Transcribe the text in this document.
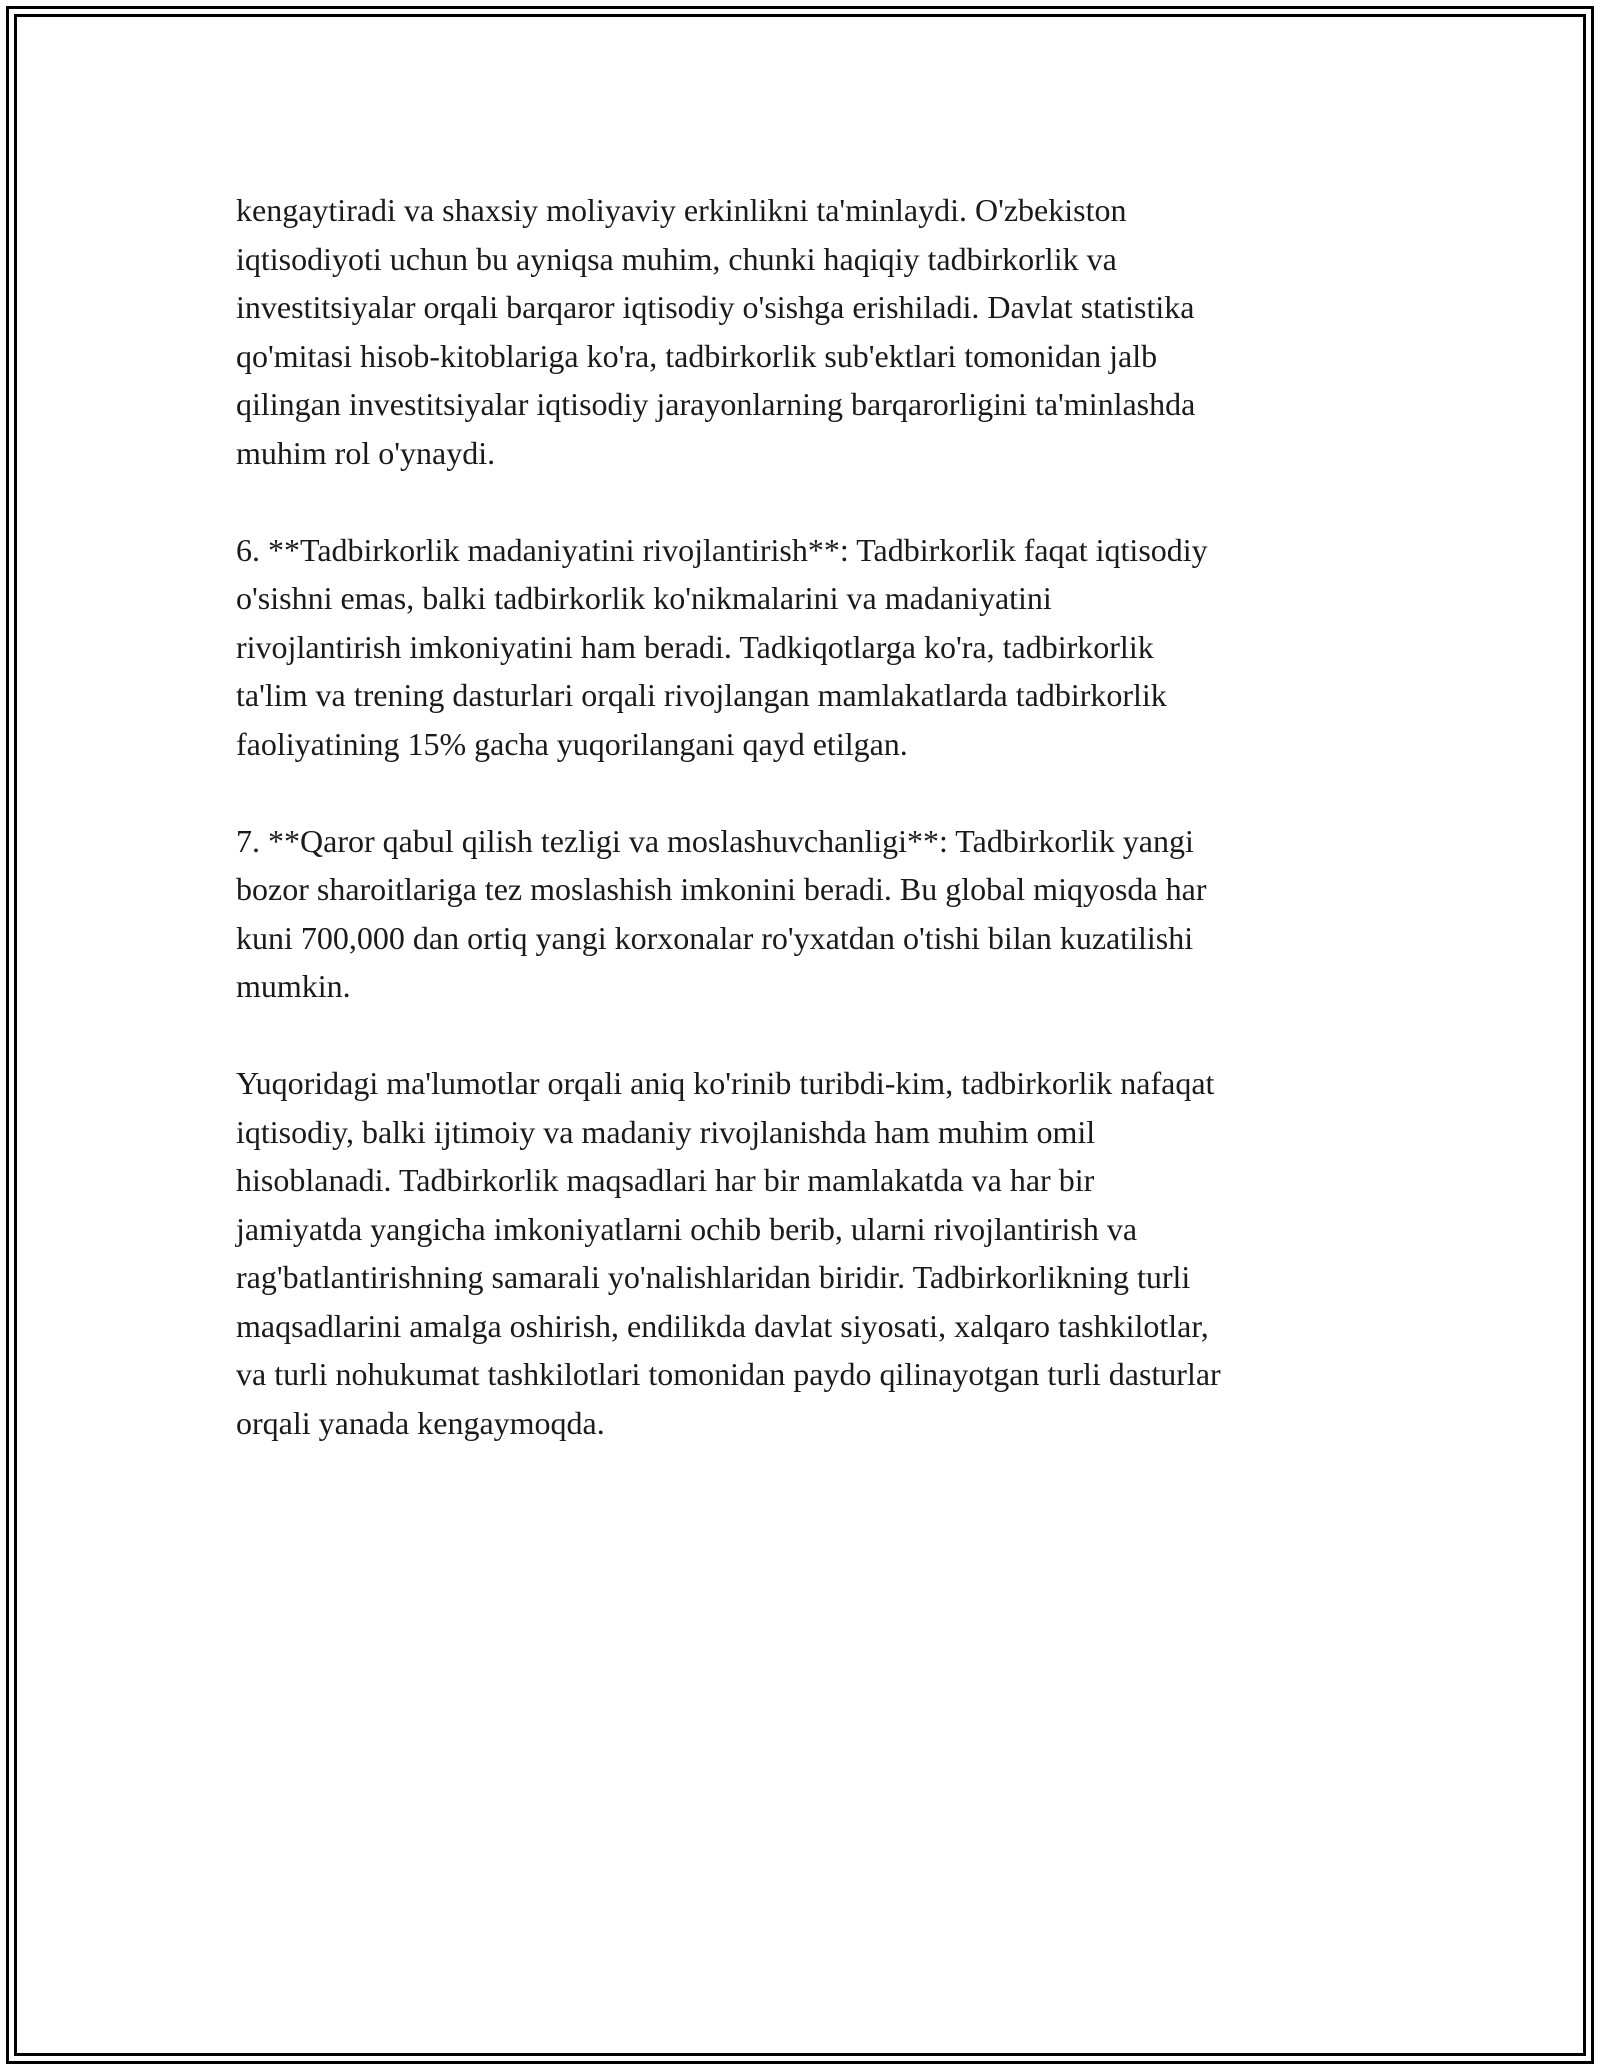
kengaytiradi va shaxsiy moliyaviy erkinlikni ta'minlaydi. O'zbekiston
iqtisodiyoti uchun bu ayniqsa muhim, chunki haqiqiy tadbirkorlik va
investitsiyalar orqali barqaror iqtisodiy o'sishga erishiladi. Davlat statistika
qo'mitasi hisob-kitoblariga ko'ra, tadbirkorlik sub'ektlari tomonidan jalb
qilingan investitsiyalar iqtisodiy jarayonlarning barqarorligini ta'minlashda
muhim rol o'ynaydi.

6. **Tadbirkorlik madaniyatini rivojlantirish**: Tadbirkorlik faqat iqtisodiy
o'sishni emas, balki tadbirkorlik ko'nikmalarini va madaniyatini
rivojlantirish imkoniyatini ham beradi. Tadkiqotlarga ko'ra, tadbirkorlik
ta'lim va trening dasturlari orqali rivojlangan mamlakatlarda tadbirkorlik
faoliyatining 15% gacha yuqorilangani qayd etilgan.

7. **Qaror qabul qilish tezligi va moslashuvchanligi**: Tadbirkorlik yangi
bozor sharoitlariga tez moslashish imkonini beradi. Bu global miqyosda har
kuni 700,000 dan ortiq yangi korxonalar ro'yxatdan o'tishi bilan kuzatilishi
mumkin.

Yuqoridagi ma'lumotlar orqali aniq ko'rinib turibdi-kim, tadbirkorlik nafaqat
iqtisodiy, balki ijtimoiy va madaniy rivojlanishda ham muhim omil
hisoblanadi. Tadbirkorlik maqsadlari har bir mamlakatda va har bir
jamiyatda yangicha imkoniyatlarni ochib berib, ularni rivojlantirish va
rag'batlantirishning samarali yo'nalishlaridan biridir. Tadbirkorlikning turli
maqsadlarini amalga oshirish, endilikda davlat siyosati, xalqaro tashkilotlar,
va turli nohukumat tashkilotlari tomonidan paydo qilinayotgan turli dasturlar
orqali yanada kengaymoqda.
